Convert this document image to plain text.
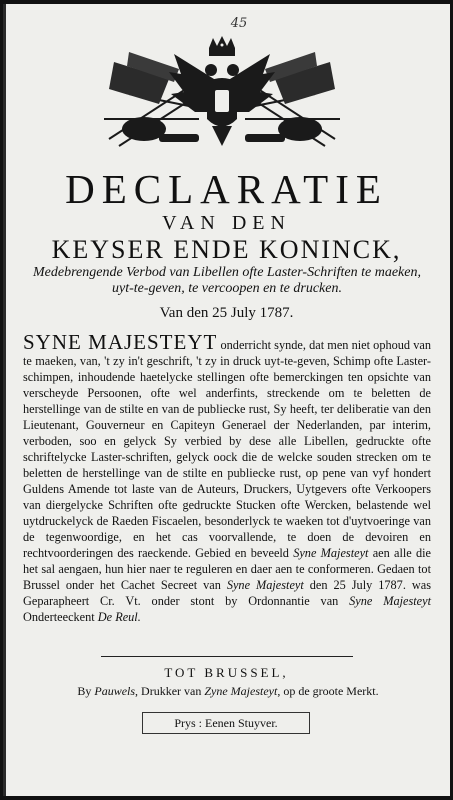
45
DECLARATIE
VAN DEN
KEYSER ENDE KONINCK,
Medebrengende Verbod van Libellen ofte Laster-Schriften te maeken, uyt-te-geven, te vercoopen en te drucken.
Van den 25 July 1787.
SYNE MAJESTEYT onderricht synde, dat men niet ophoud van te maeken, van, 't zy in't geschrift, 't zy in druck uyt-te-geven, Schimp ofte Laster-schimpen, inhoudende haetelycke stellingen ofte bemerckingen ten opsichte van verscheyde Persoonen, ofte wel anderfints, streckende om te beletten de herstellinge van de stilte en van de publiecke rust, Sy heeft, ter deliberatie van den Lieutenant, Gouverneur en Capiteyn Generael der Nederlanden, par interim, verboden, soo en gelyck Sy verbied by dese alle Libellen, gedruckte ofte schriftelycke Laster-schriften, gelyck oock die de welcke souden strecken om te beletten de herstellinge van de stilte en publiecke rust, op pene van vyf hondert Guldens Amende tot laste van de Auteurs, Druckers, Uytgevers ofte Verkoopers van diergelycke Schriften ofte gedruckte Stucken ofte Wercken, belastende wel uytdruckelyck de Raeden Fiscaelen, besonderlyck te waeken tot d'uytvoeringe van de tegenwoordige, en het cas voorvallende, te doen de devoiren en rechtvoorderingen des raeckende. Gebied en beveeld Syne Majesteyt aen alle die het sal aengaen, hun hier naer te reguleren en daer aen te conformeren. Gedaen tot Brussel onder het Cachet Secreet van Syne Majesteyt den 25 July 1787. was Geparapheert Cr. Vt. onder stont by Ordonnantie van Syne Majesteyt Onderteeckent De Reul.
TOT BRUSSEL,
By Pauwels, Drukker van Zyne Majesteyt, op de groote Merkt.
Prys : Eenen Stuyver.
